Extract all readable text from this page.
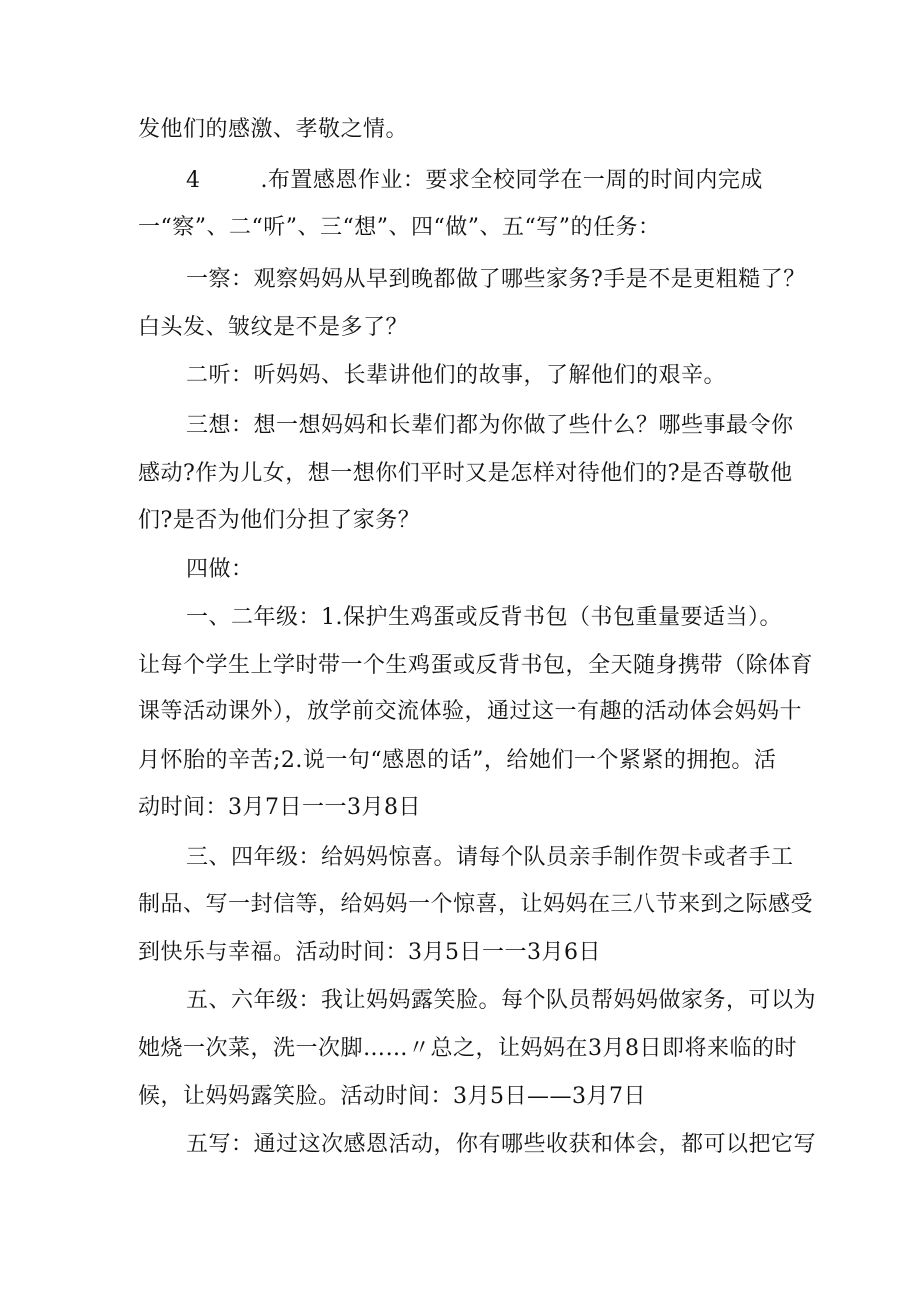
发他们的感激、孝敬之情。
4        .布置感恩作业：要求全校同学在一周的时间内完成
一“察”、二“听”、三“想”、四“做”、五“写”的任务：
一察：观察妈妈从早到晚都做了哪些家务?手是不是更粗糙了？
白头发、皱纹是不是多了？
二听：听妈妈、长辈讲他们的故事，了解他们的艰辛。
三想：想一想妈妈和长辈们都为你做了些什么？哪些事最令你
感动?作为儿女，想一想你们平时又是怎样对待他们的?是否尊敬他
们?是否为他们分担了家务？
四做：
一、二年级：1.保护生鸡蛋或反背书包（书包重量要适当）。
让每个学生上学时带一个生鸡蛋或反背书包，全天随身携带（除体育
课等活动课外），放学前交流体验，通过这一有趣的活动体会妈妈十
月怀胎的辛苦;2.说一句“感恩的话”，给她们一个紧紧的拥抱。活
动时间：3月7日一一3月8日
三、四年级：给妈妈惊喜。请每个队员亲手制作贺卡或者手工
制品、写一封信等，给妈妈一个惊喜，让妈妈在三八节来到之际感受
到快乐与幸福。活动时间：3月5日一一3月6日
五、六年级：我让妈妈露笑脸。每个队员帮妈妈做家务，可以为
她烧一次菜，洗一次脚……〃总之，让妈妈在3月8日即将来临的时
候，让妈妈露笑脸。活动时间：3月5日——3月7日
五写：通过这次感恩活动，你有哪些收获和体会，都可以把它写
